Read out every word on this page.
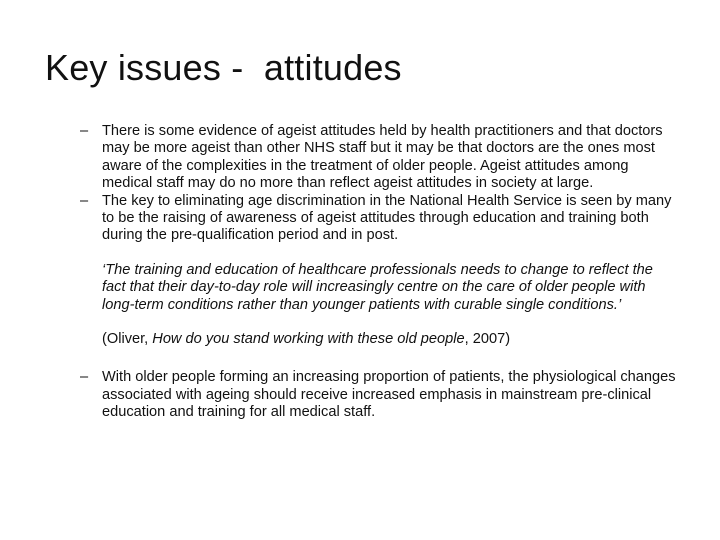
Key issues -  attitudes
– There is some evidence of ageist attitudes held by health practitioners and that doctors may be more ageist than other NHS staff but it may be that doctors are the ones most aware of the complexities in the treatment of older people. Ageist attitudes among medical staff may do no more than reflect ageist attitudes in society at large.
– The key to eliminating age discrimination in the National Health Service is seen by many to be the raising of awareness of ageist attitudes through education and training both during the pre-qualification period and in post.
‘The training and education of healthcare professionals needs to change to reflect the fact that their day-to-day role will increasingly centre on the care of older people with long-term conditions rather than younger patients with curable single conditions.’
(Oliver, How do you stand working with these old people, 2007)
– With older people forming an increasing proportion of patients, the physiological changes associated with ageing should receive increased emphasis in mainstream pre-clinical education and training for all medical staff.
